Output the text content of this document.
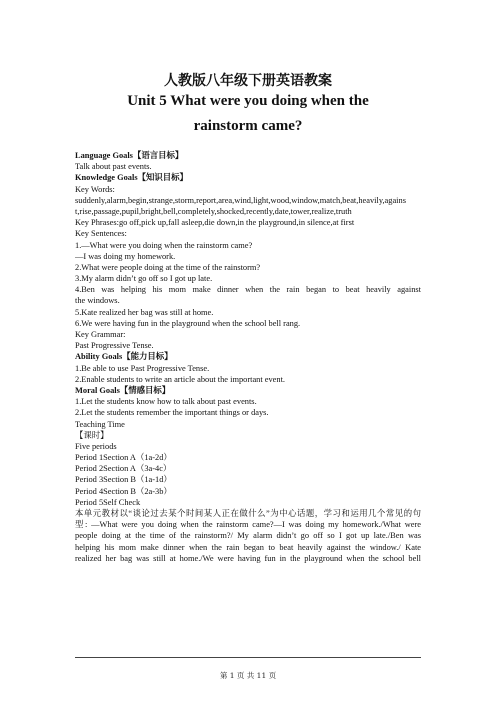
人教版八年级下册英语教案
Unit 5 What were you doing when the
rainstorm came?
Language Goals【语言目标】
Talk about past events.
Knowledge Goals【知识目标】
Key Words:
suddenly,alarm,begin,strange,storm,report,area,wind,light,wood,window,match,beat,heavily,agains
t,rise,passage,pupil,bright,bell,completely,shocked,recently,date,tower,realize,truth
Key Phrases:go off,pick up,fall asleep,die down,in the playground,in silence,at first
Key Sentences:
1.—What were you doing when the rainstorm came?
—I was doing my homework.
2.What were people doing at the time of the rainstorm?
3.My alarm didn’t go off so I got up late.
4.Ben was helping his mom make dinner when the rain began to beat heavily against
the windows.
5.Kate realized her bag was still at home.
6.We were having fun in the playground when the school bell rang.
Key Grammar:
Past Progressive Tense.
Ability Goals【能力目标】
1.Be able to use Past Progressive Tense.
2.Enable students to write an article about the important event.
Moral Goals【情感目标】
1.Let the students know how to talk about past events.
2.Let the students remember the important things or days.
Teaching Time
【课时】
Five periods
Period 1Section A（1a-2d）
Period 2Section A（3a-4c）
Period 3Section B（1a-1d）
Period 4Section B（2a-3b）
Period 5Self Check
本单元教材以“谈论过去某个时间某人正在做什么”为中心话题，学习和运用几个常见的句
型: —What were you doing when the rainstorm came?—I was doing my homework./What were
people doing at the time of the rainstorm?/ My alarm didn’t go off so I got up late./Ben was
helping his mom make dinner when the rain began to beat heavily against the window./ Kate
realized her bag was still at home./We were having fun in the playground when the school bell
第 1 页 共 11 页
